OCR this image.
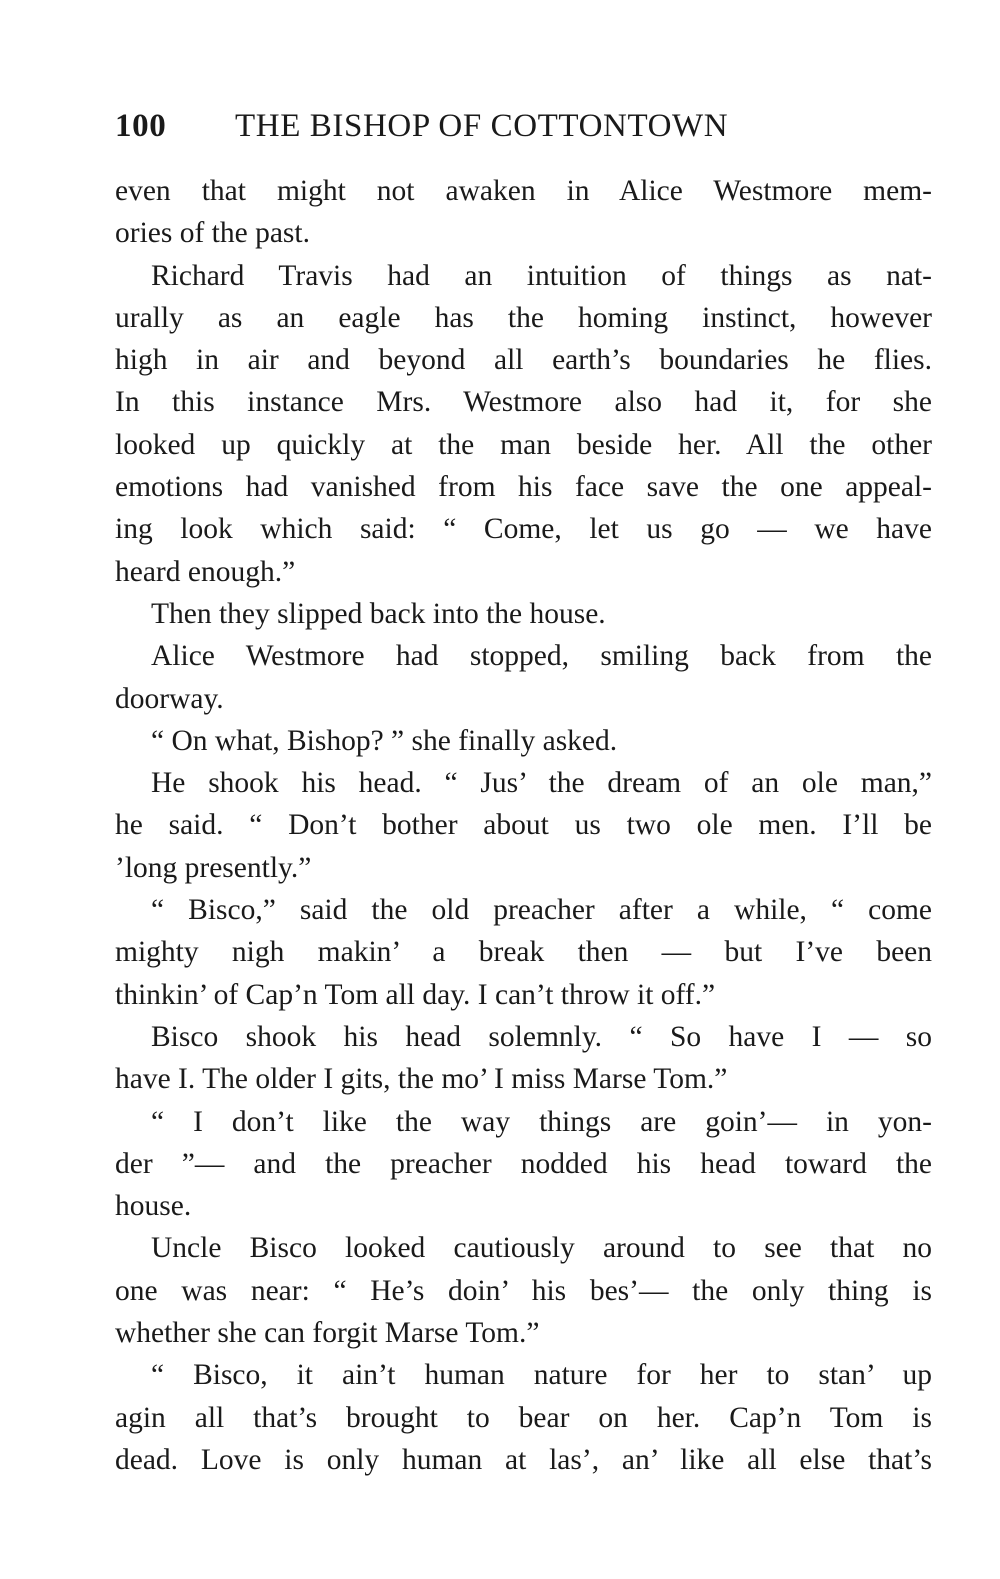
100 THE BISHOP OF COTTONTOWN
even that might not awaken in Alice Westmore mem-
ories of the past.
Richard Travis had an intuition of things as nat-
urally as an eagle has the homing instinct, however
high in air and beyond all earth’s boundaries he flies.
In this instance Mrs. Westmore also had it, for she
looked up quickly at the man beside her. All the other
emotions had vanished from his face save the one appeal-
ing look which said: “ Come, let us go — we have
heard enough.”
Then they slipped back into the house.
Alice Westmore had stopped, smiling back from the
doorway.
“ On what, Bishop? ” she finally asked.
He shook his head. “ Jus’ the dream of an ole man,”
he said. “ Don’t bother about us two ole men. I’ll be
’long presently.”
“ Bisco,” said the old preacher after a while, “ come
mighty nigh makin’ a break then — but I’ve been
thinkin’ of Cap’n Tom all day. I can’t throw it off.”
Bisco shook his head solemnly. “ So have I — so
have I. The older I gits, the mo’ I miss Marse Tom.”
“ I don’t like the way things are goin’— in yon-
der ”— and the preacher nodded his head toward the
house.
Uncle Bisco looked cautiously around to see that no
one was near: “ He’s doin’ his bes’— the only thing is
whether she can forgit Marse Tom.”
“ Bisco, it ain’t human nature for her to stan’ up
agin all that’s brought to bear on her. Cap’n Tom is
dead. Love is only human at las’, an’ like all else that’s
